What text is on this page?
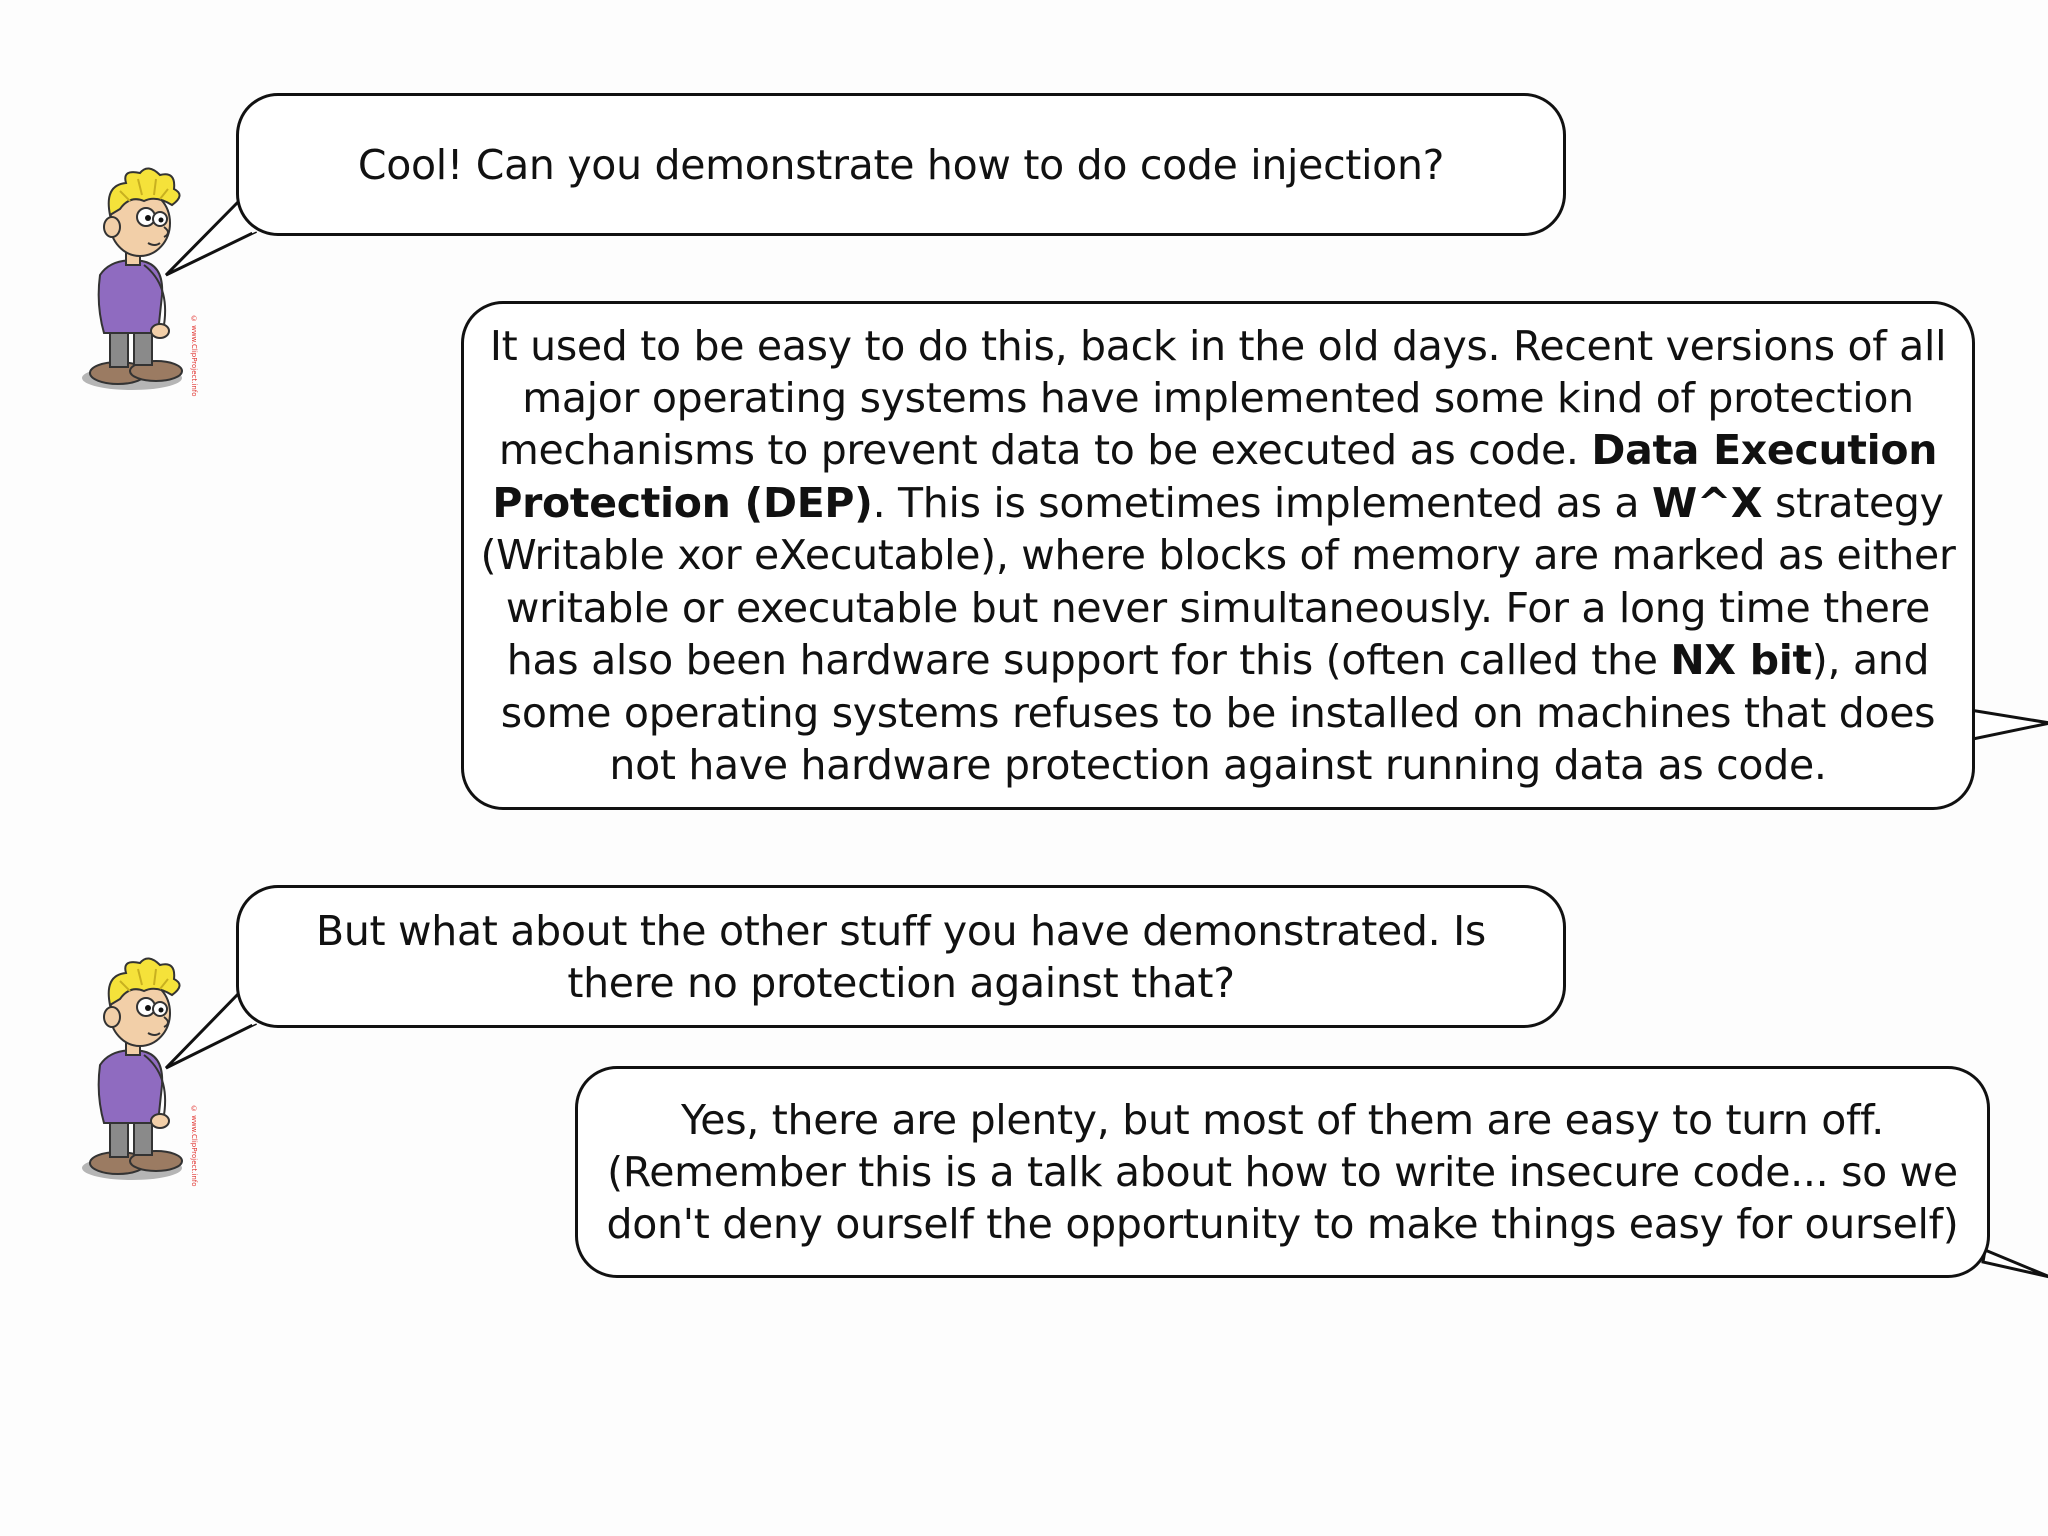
Cool! Can you demonstrate how to do code injection?
It used to be easy to do this, back in the old days. Recent versions of all major operating systems have implemented some kind of protection mechanisms to prevent data to be executed as code. Data Execution Protection (DEP). This is sometimes implemented as a W^X strategy (Writable xor eXecutable), where blocks of memory are marked as either writable or executable but never simultaneously. For a long time there has also been hardware support for this (often called the NX bit), and some operating systems refuses to be installed on machines that does not have hardware protection against running data as code.
But what about the other stuff you have demonstrated. Is there no protection against that?
Yes, there are plenty, but most of them are easy to turn off. (Remember this is a talk about how to write insecure code... so we don't deny ourself the opportunity to make things easy for ourself)
© www.ClipProject.info
© www.ClipProject.info
